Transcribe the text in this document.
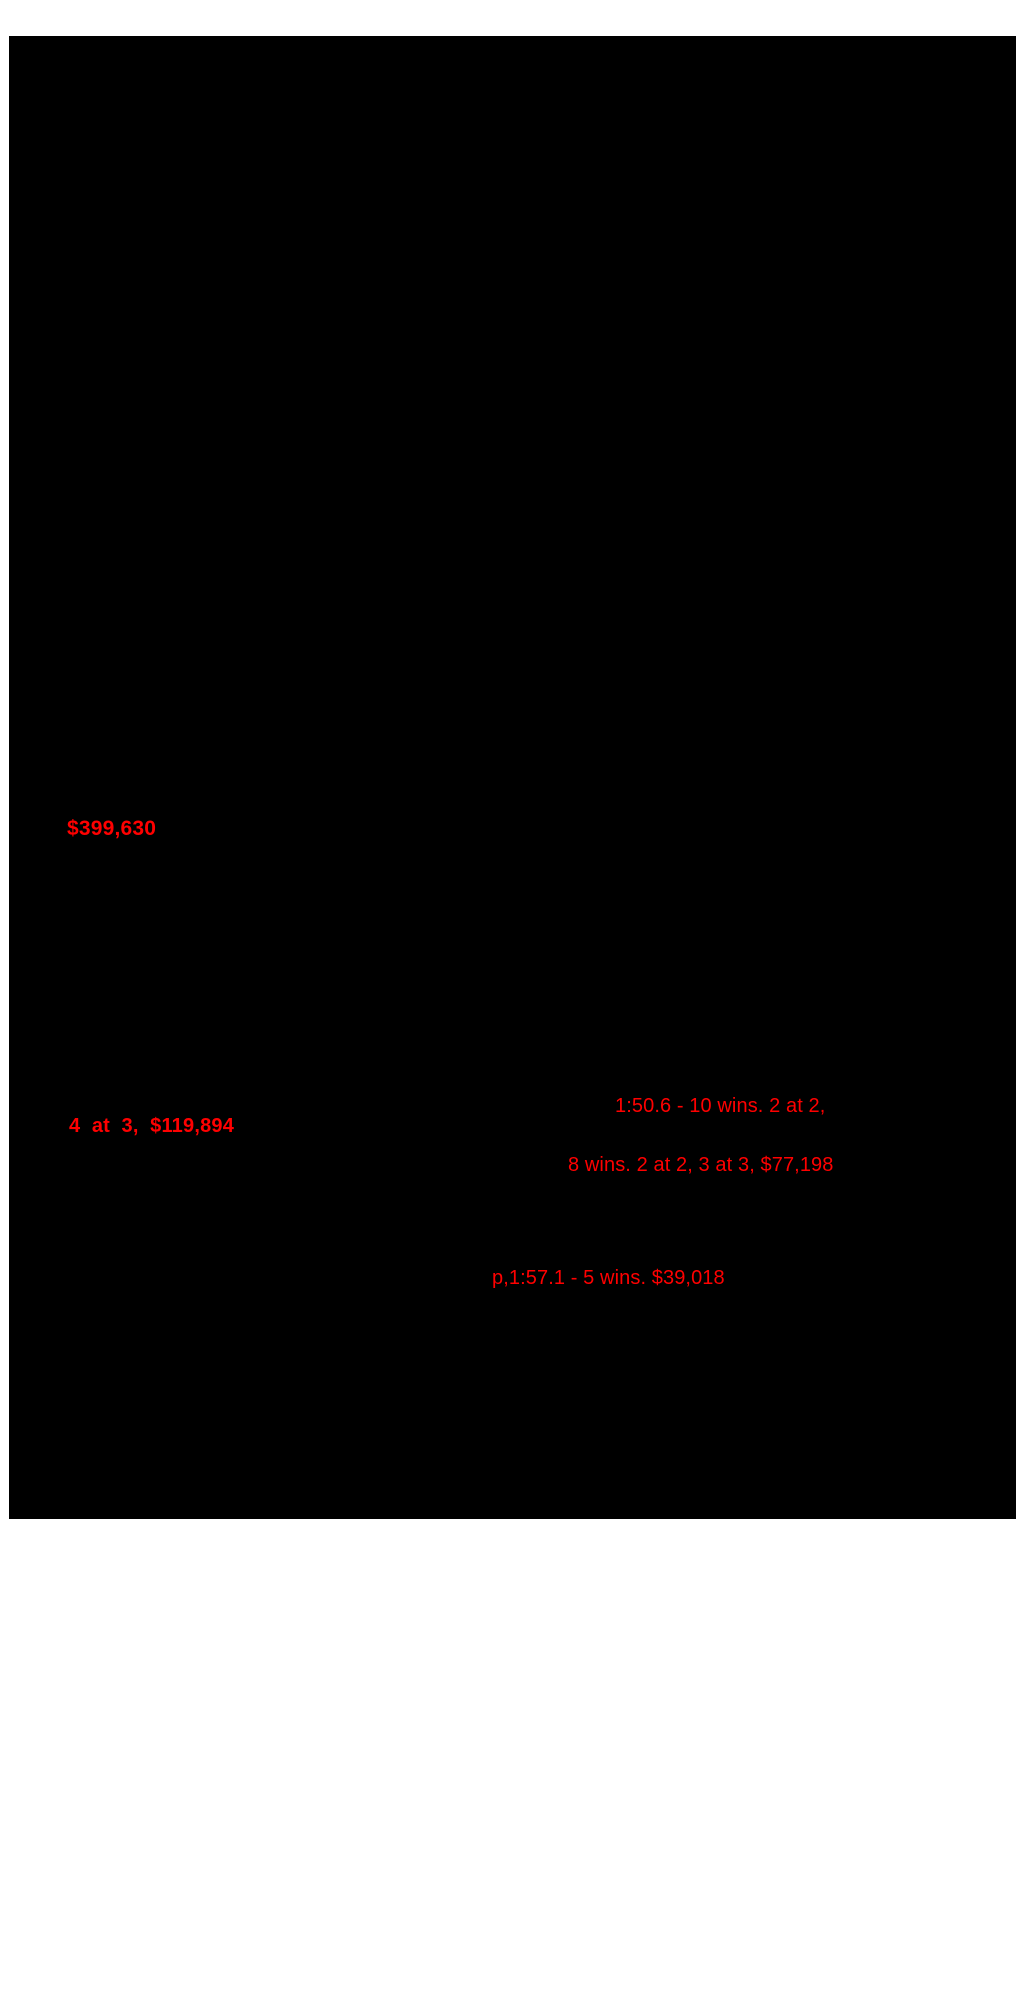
$399,630
4  at  3,  $119,894
1:50.6 - 10 wins. 2 at 2,
8 wins. 2 at 2, 3 at 3, $77,198
p,1:57.1 - 5 wins. $39,018
